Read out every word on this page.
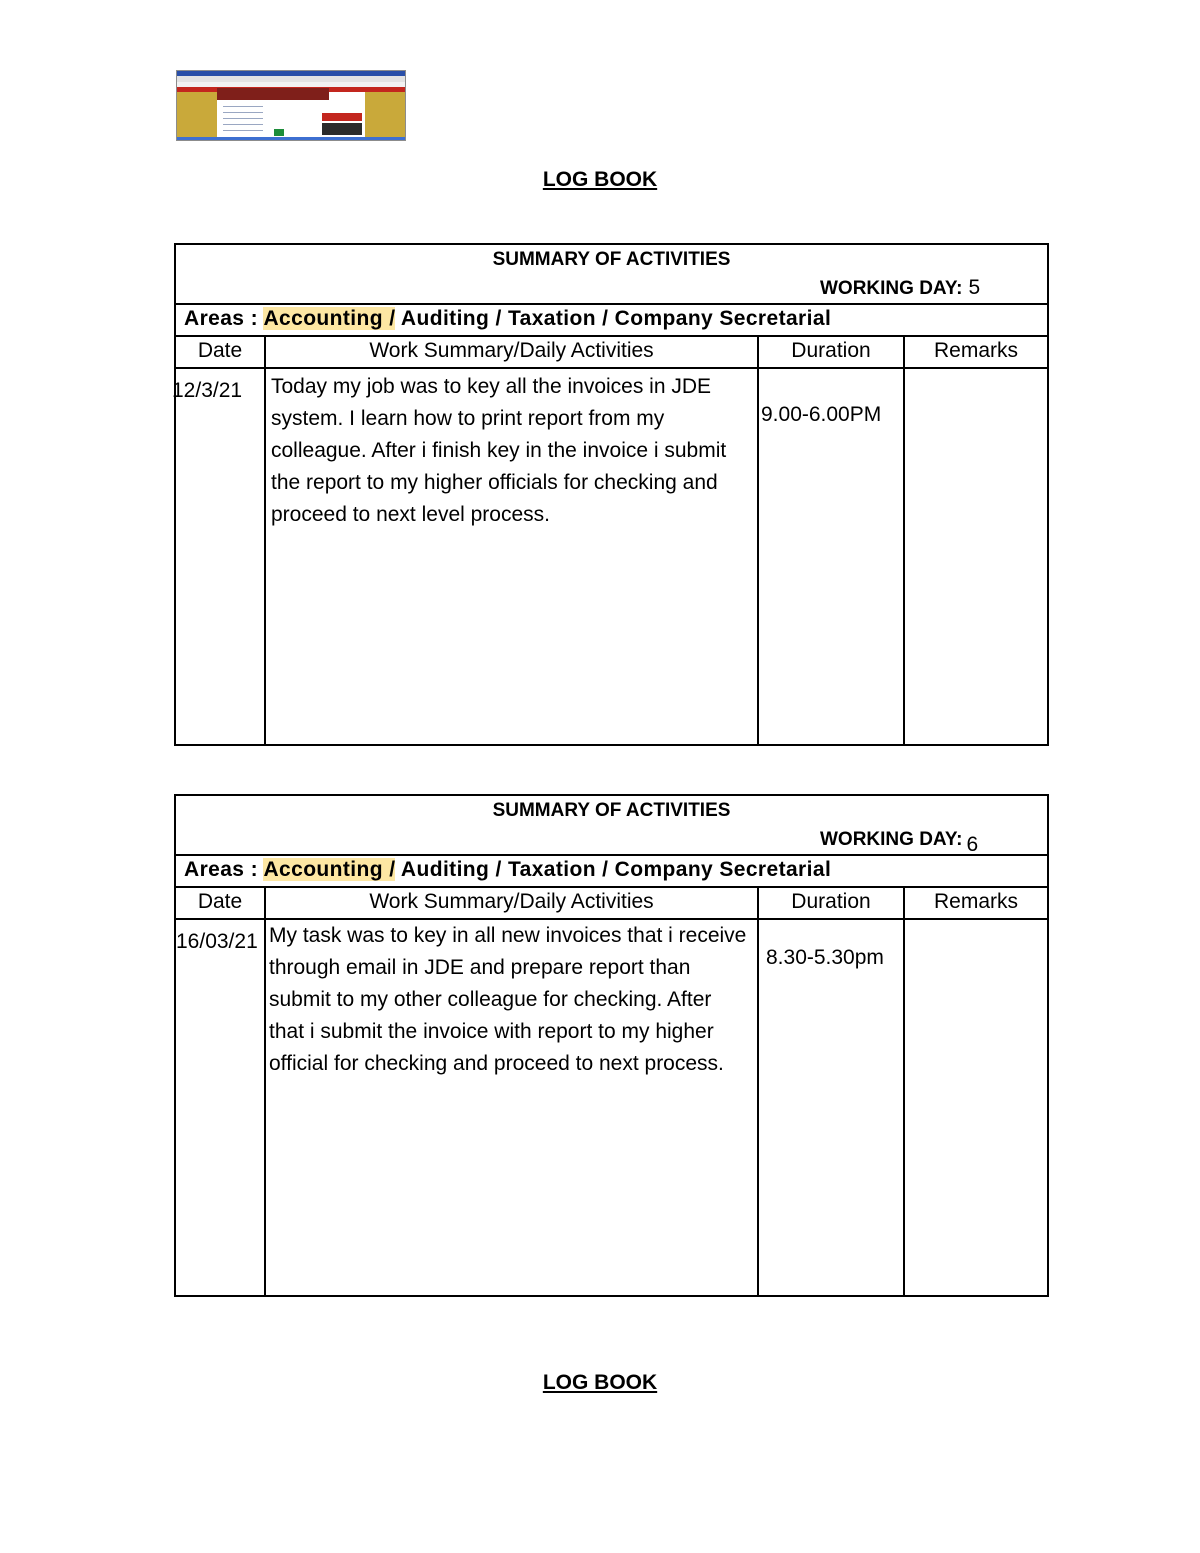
LOG BOOK
SUMMARY OF ACTIVITIES
WORKING DAY: 5			

Areas : Accounting / Auditing / Taxation / Company Secretarial			
Date	Work Summary/Daily Activities	Duration	Remarks

12/3/21	Today my job was to key all the invoices in JDE system. I learn how to print report from my colleague. After i finish key in the invoice i submit the report to my higher officials for checking and proceed to next level process.	9.00-6.00PM	

SUMMARY OF ACTIVITIES
WORKING DAY: 6			

Areas : Accounting / Auditing / Taxation / Company Secretarial			
Date	Work Summary/Daily Activities	Duration	Remarks

16/03/21	My task was to key in all new invoices that i receive through email in JDE and prepare report than submit to my other colleague for checking. After that i submit the invoice with report to my higher official for checking and proceed to next process.	8.30-5.30pm	

LOG BOOK
